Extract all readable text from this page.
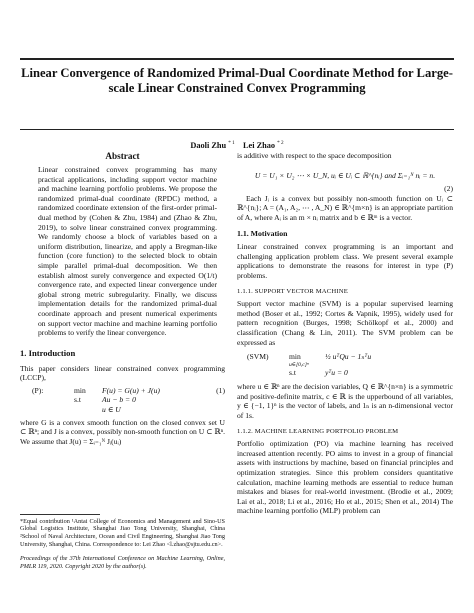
Linear Convergence of Randomized Primal-Dual Coordinate Method for Large-scale Linear Constrained Convex Programming
Daoli Zhu $^{* 1}$ Lei Zhao $^{* 2}$
Abstract
Linear constrained convex programming has many practical applications, including support vector machine and machine learning portfolio problems. We propose the randomized primal-dual coordinate (RPDC) method, a randomized coordinate extension of the first-order primal-dual method by (Cohen & Zhu, 1984) and (Zhao & Zhu, 2019), to solve linear constrained convex programming. We randomly choose a block of variables based on a uniform distribution, linearize, and apply a Bregman-like function (core function) to the selected block to obtain simple parallel primal-dual decomposition. We then establish almost surely convergence and expected O(1/t) convergence rate, and expected linear convergence under global strong metric subregularity. Finally, we discuss implementation details for the randomized primal-dual coordinate approach and present numerical experiments on support vector machine and machine learning portfolio problems to verify the linear convergence.
1. Introduction

This paper considers linear constrained convex programming (LCCP),

(P):	min	F(u) = G(u) + J(u)	(1)
s.t	Au − b = 0
u ∈ U

where G is a convex smooth function on the closed convex set U ⊂ ℝⁿ; and J is a convex, possibly non-smooth function on U ⊂ ℝⁿ. We assume that J(u) = Σᵢ₌₁ᴺ Jᵢ(uᵢ)

*Equal contribution ¹Antai College of Economics and Management and Sino-US Global Logistics Institute, Shanghai Jiao Tong University, Shanghai, China ²School of Naval Architecture, Ocean and Civil Engineering, Shanghai Jiao Tong University, Shanghai, China. Correspondence to: Lei Zhao <l.zhao@sjtu.edu.cn>.
Proceedings of the 37th International Conference on Machine Learning, Online, PMLR 119, 2020. Copyright 2020 by the author(s).

is additive with respect to the space decomposition

U = U₁ × U₂ ⋯ × U_N, uᵢ ∈ Uᵢ ⊂ ℝ^{nᵢ} and Σᵢ₌₁ᴺ nᵢ = n.
(2)

Each Jᵢ is a convex but possibly non-smooth function on Uᵢ ⊂ ℝ^{nᵢ}; A = (A₁, A₂, ⋯ , A_N) ∈ ℝ^{m×n} is an appropriate partition of A, where Aᵢ is an m × nᵢ matrix and b ∈ ℝᵐ is a vector.

1.1. Motivation

Linear constrained convex programming is an important and challenging application problem class. We present several example applications to demonstrate the reasons for interest in type (P) problems.

1.1.1. SUPPORT VECTOR MACHINE

Support vector machine (SVM) is a popular supervised learning method (Boser et al., 1992; Cortes & Vapnik, 1995), widely used for pattern recognition (Burges, 1998; Schölkopf et al., 2000) and classification (Chang & Lin, 2011). The SVM problem can be expressed as

(SVM)	min	½ uᵀQu − 1ₙᵀu
u∈[0,c]ⁿ
s.t	yᵀu = 0

where u ∈ ℝⁿ are the decision variables, Q ∈ ℝ^{n×n} is a symmetric and positive-definite matrix, c ∈ ℝ is the upperbound of all variables, y ∈ {−1, 1}ⁿ is the vector of labels, and 1ₙ is an n-dimensional vector of 1s.

1.1.2. MACHINE LEARNING PORTFOLIO PROBLEM

Portfolio optimization (PO) via machine learning has received increased attention recently. PO aims to invest in a group of financial assets with instructions by machine, based on financial principles and optimization strategies. Since this problem considers quantitative calculation, machine learning methods are essential to reduce human mistakes and biases for real-world investment. (Brodie et al., 2009; Lai et al., 2018; Li et al., 2016; Ho et al., 2015; Shen et al., 2014) The machine learning portfolio (MLP) problem can
